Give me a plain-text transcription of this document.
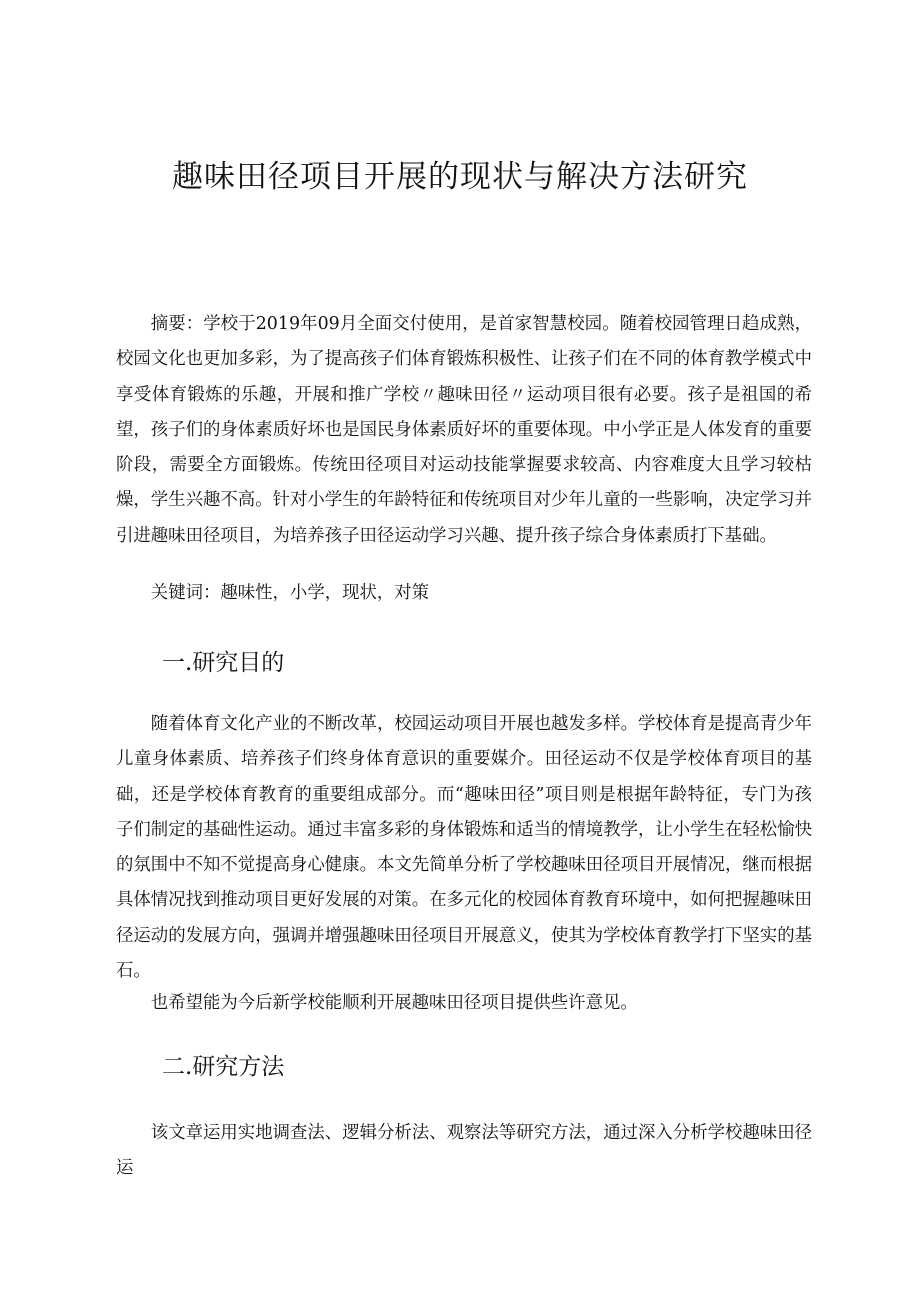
趣味田径项目开展的现状与解决方法研究

摘要：学校于2019年09月全面交付使用，是首家智慧校园。随着校园管理日趋成熟，校园文化也更加多彩，为了提高孩子们体育锻炼积极性、让孩子们在不同的体育教学模式中享受体育锻炼的乐趣，开展和推广学校〃趣味田径〃运动项目很有必要。孩子是祖国的希望，孩子们的身体素质好坏也是国民身体素质好坏的重要体现。中小学正是人体发育的重要阶段，需要全方面锻炼。传统田径项目对运动技能掌握要求较高、内容难度大且学习较枯燥，学生兴趣不高。针对小学生的年龄特征和传统项目对少年儿童的一些影响，决定学习并引进趣味田径项目，为培养孩子田径运动学习兴趣、提升孩子综合身体素质打下基础。

关键词：趣味性，小学，现状，对策

一.研究目的

随着体育文化产业的不断改革，校园运动项目开展也越发多样。学校体育是提高青少年儿童身体素质、培养孩子们终身体育意识的重要媒介。田径运动不仅是学校体育项目的基础，还是学校体育教育的重要组成部分。而“趣味田径”项目则是根据年龄特征，专门为孩子们制定的基础性运动。通过丰富多彩的身体锻炼和适当的情境教学，让小学生在轻松愉快的氛围中不知不觉提高身心健康。本文先简单分析了学校趣味田径项目开展情况，继而根据具体情况找到推动项目更好发展的对策。在多元化的校园体育教育环境中，如何把握趣味田径运动的发展方向，强调并增强趣味田径项目开展意义，使其为学校体育教学打下坚实的基石。

也希望能为今后新学校能顺利开展趣味田径项目提供些许意见。

二.研究方法

该文章运用实地调查法、逻辑分析法、观察法等研究方法，通过深入分析学校趣味田径运
